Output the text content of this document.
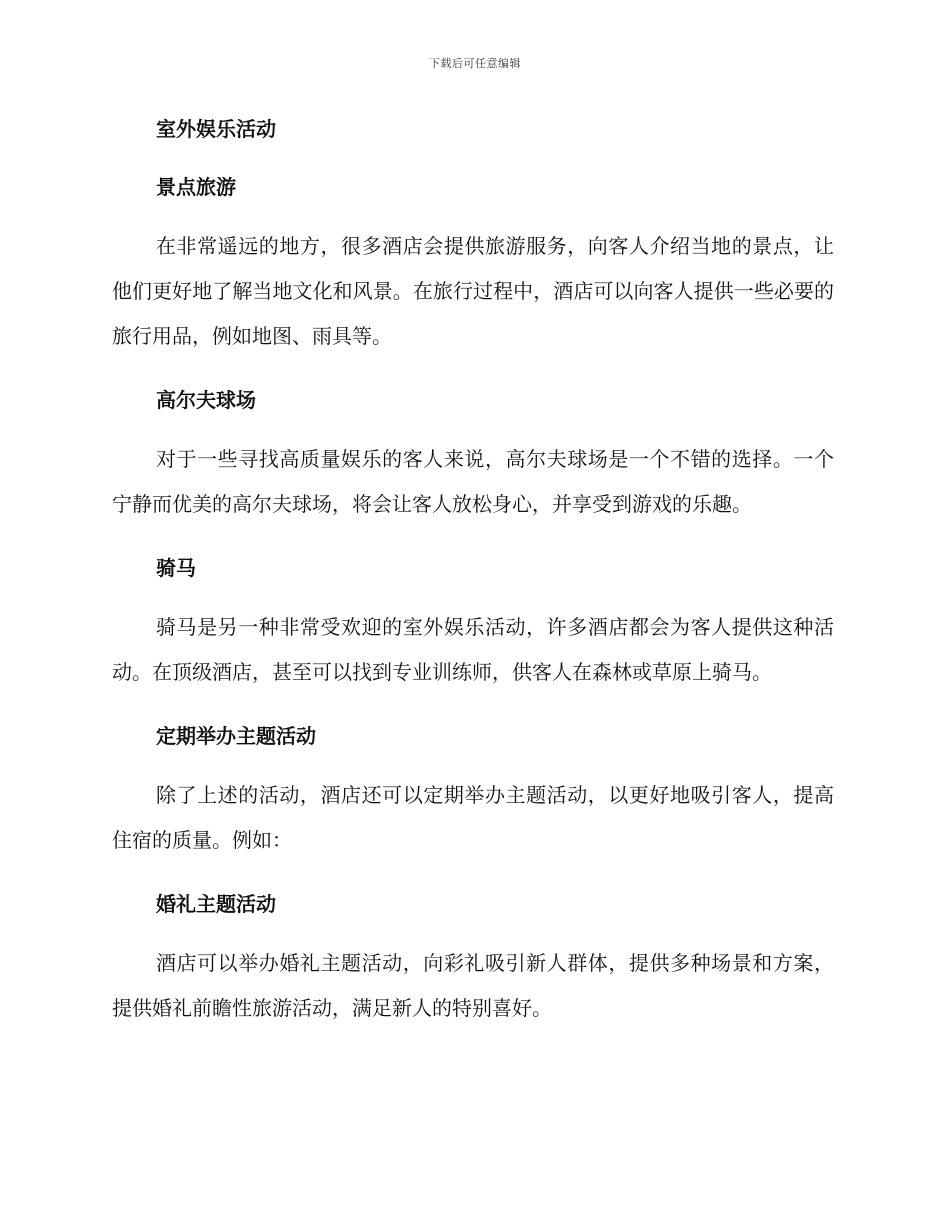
下载后可任意编辑
室外娱乐活动
景点旅游

在非常遥远的地方，很多酒店会提供旅游服务，向客人介绍当地的景点，让他们更好地了解当地文化和风景。在旅行过程中，酒店可以向客人提供一些必要的旅行用品，例如地图、雨具等。

高尔夫球场

对于一些寻找高质量娱乐的客人来说，高尔夫球场是一个不错的选择。一个宁静而优美的高尔夫球场，将会让客人放松身心，并享受到游戏的乐趣。

骑马

骑马是另一种非常受欢迎的室外娱乐活动，许多酒店都会为客人提供这种活动。在顶级酒店，甚至可以找到专业训练师，供客人在森林或草原上骑马。

定期举办主题活动

除了上述的活动，酒店还可以定期举办主题活动，以更好地吸引客人，提高住宿的质量。例如：

婚礼主题活动

酒店可以举办婚礼主题活动，向彩礼吸引新人群体，提供多种场景和方案，提供婚礼前瞻性旅游活动，满足新人的特别喜好。
